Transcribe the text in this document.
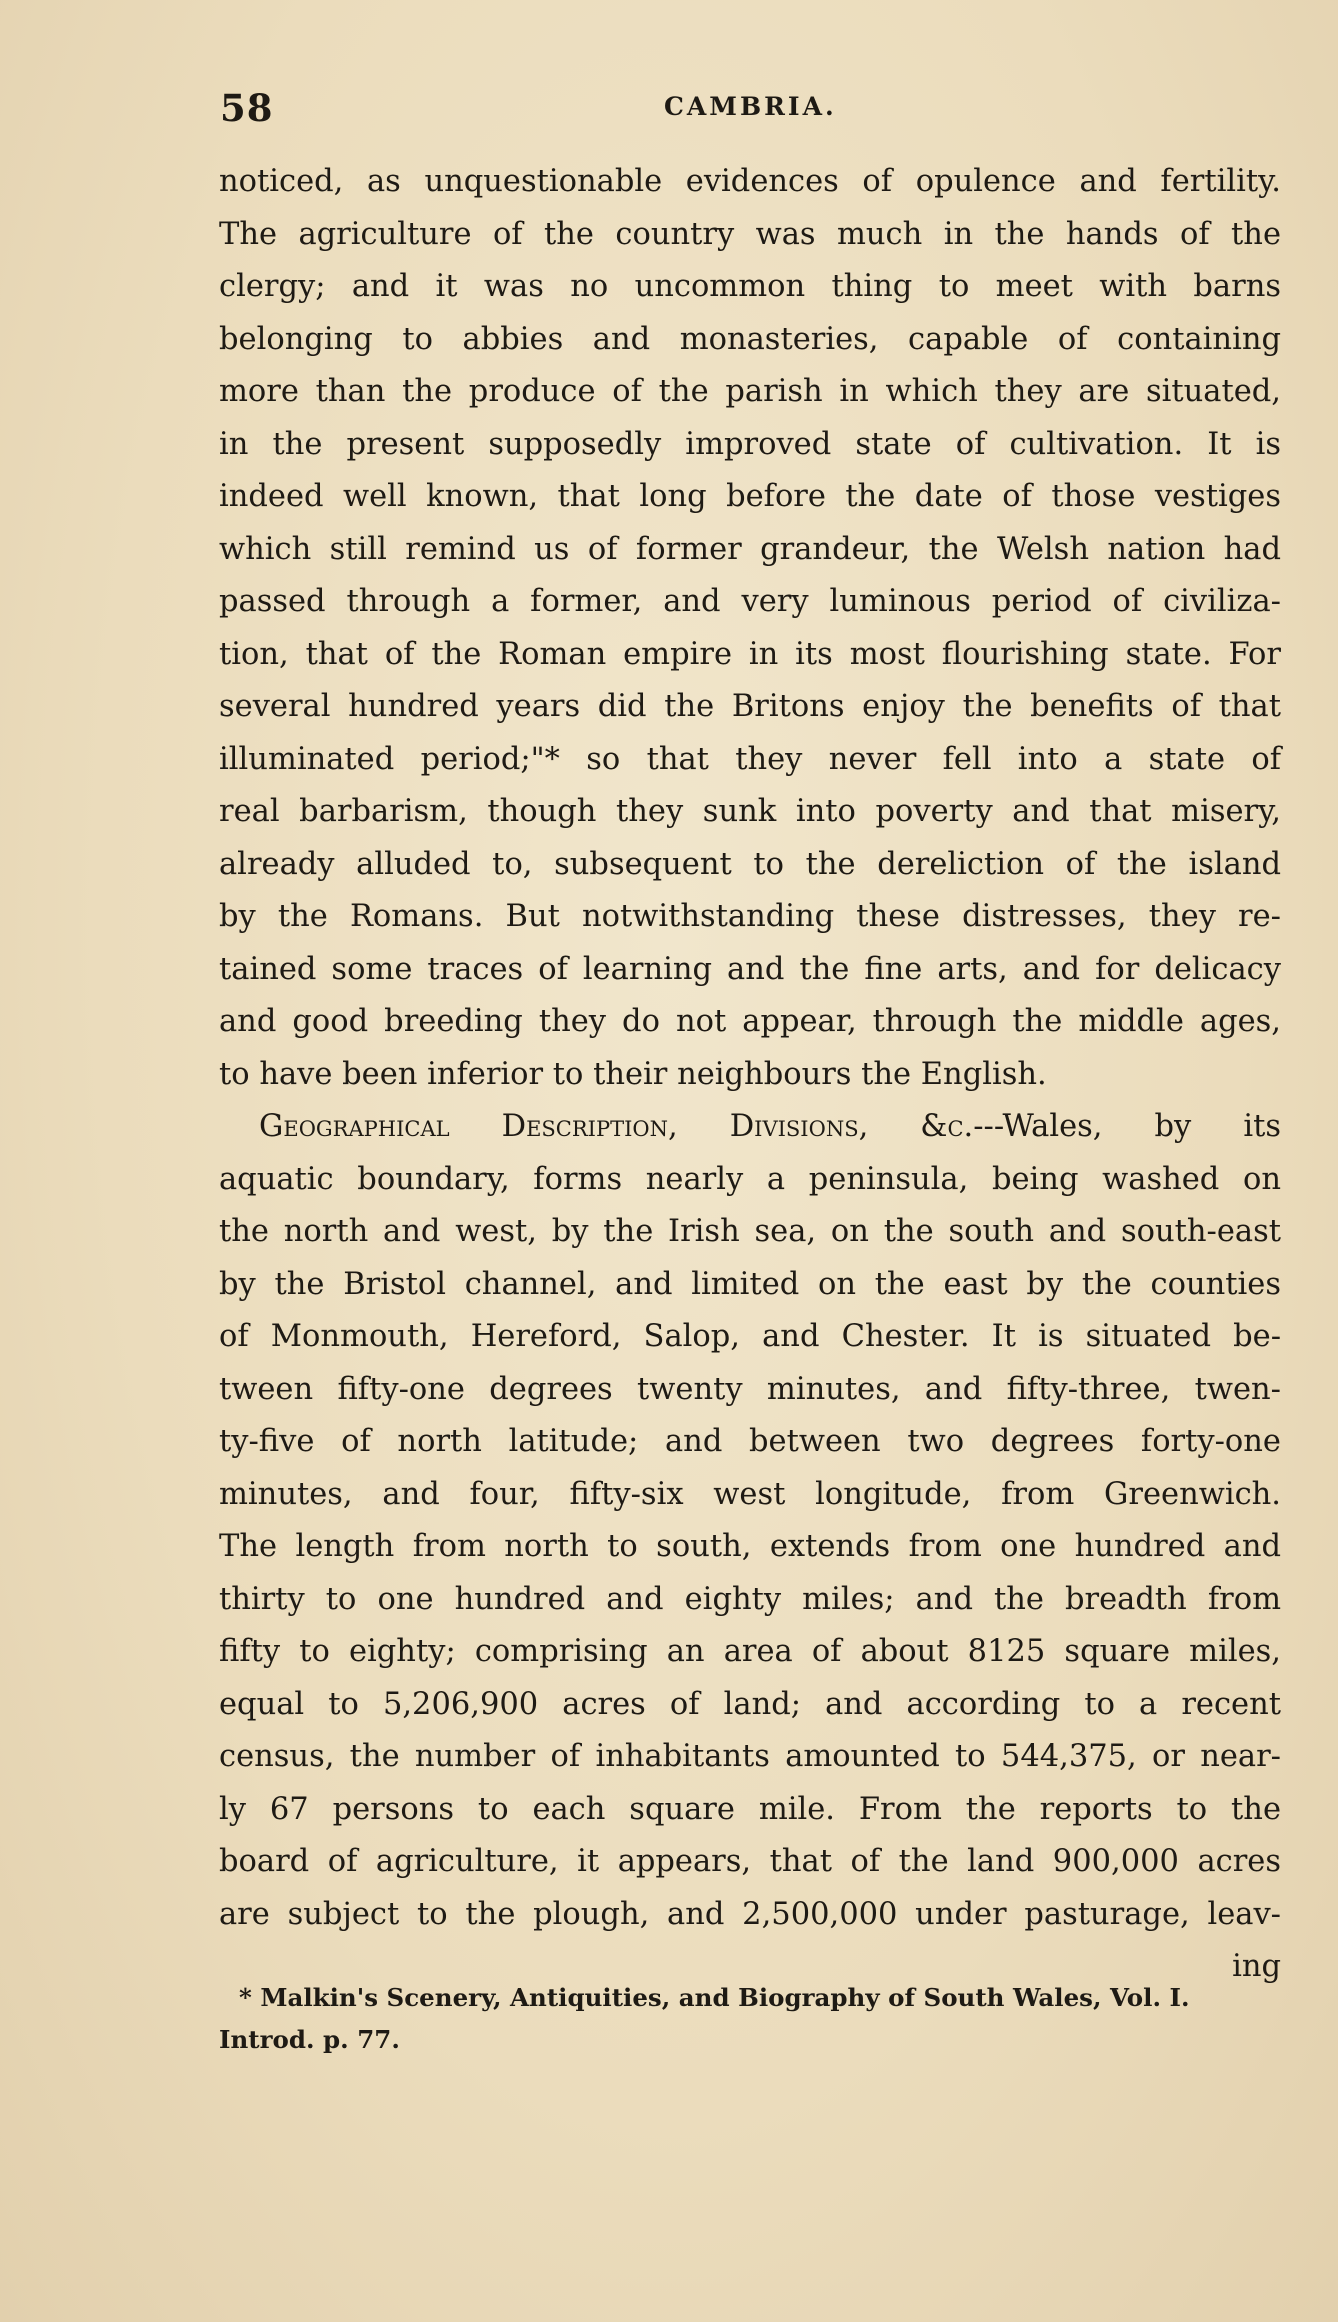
58	CAMBRIA.
noticed, as unquestionable evidences of opulence and fertility.
The agriculture of the country was much in the hands of the
clergy; and it was no uncommon thing to meet with barns
belonging to abbies and monasteries, capable of containing
more than the produce of the parish in which they are situated,
in the present supposedly improved state of cultivation. It is
indeed well known, that long before the date of those vestiges
which still remind us of former grandeur, the Welsh nation had
passed through a former, and very luminous period of civiliza-
tion, that of the Roman empire in its most flourishing state. For
several hundred years did the Britons enjoy the benefits of that
illuminated period;"* so that they never fell into a state of
real barbarism, though they sunk into poverty and that misery,
already alluded to, subsequent to the dereliction of the island
by the Romans. But notwithstanding these distresses, they re-
tained some traces of learning and the fine arts, and for delicacy
and good breeding they do not appear, through the middle ages,
to have been inferior to their neighbours the English.
Geographical Description, Divisions, &c.---Wales, by its
aquatic boundary, forms nearly a peninsula, being washed on
the north and west, by the Irish sea, on the south and south-east
by the Bristol channel, and limited on the east by the counties
of Monmouth, Hereford, Salop, and Chester. It is situated be-
tween fifty-one degrees twenty minutes, and fifty-three, twen-
ty-five of north latitude; and between two degrees forty-one
minutes, and four, fifty-six west longitude, from Greenwich.
The length from north to south, extends from one hundred and
thirty to one hundred and eighty miles; and the breadth from
fifty to eighty; comprising an area of about 8125 square miles,
equal to 5,206,900 acres of land; and according to a recent
census, the number of inhabitants amounted to 544,375, or near-
ly 67 persons to each square mile. From the reports to the
board of agriculture, it appears, that of the land 900,000 acres
are subject to the plough, and 2,500,000 under pasturage, leav-
ing
* Malkin's Scenery, Antiquities, and Biography of South Wales, Vol. I.
Introd. p. 77.
